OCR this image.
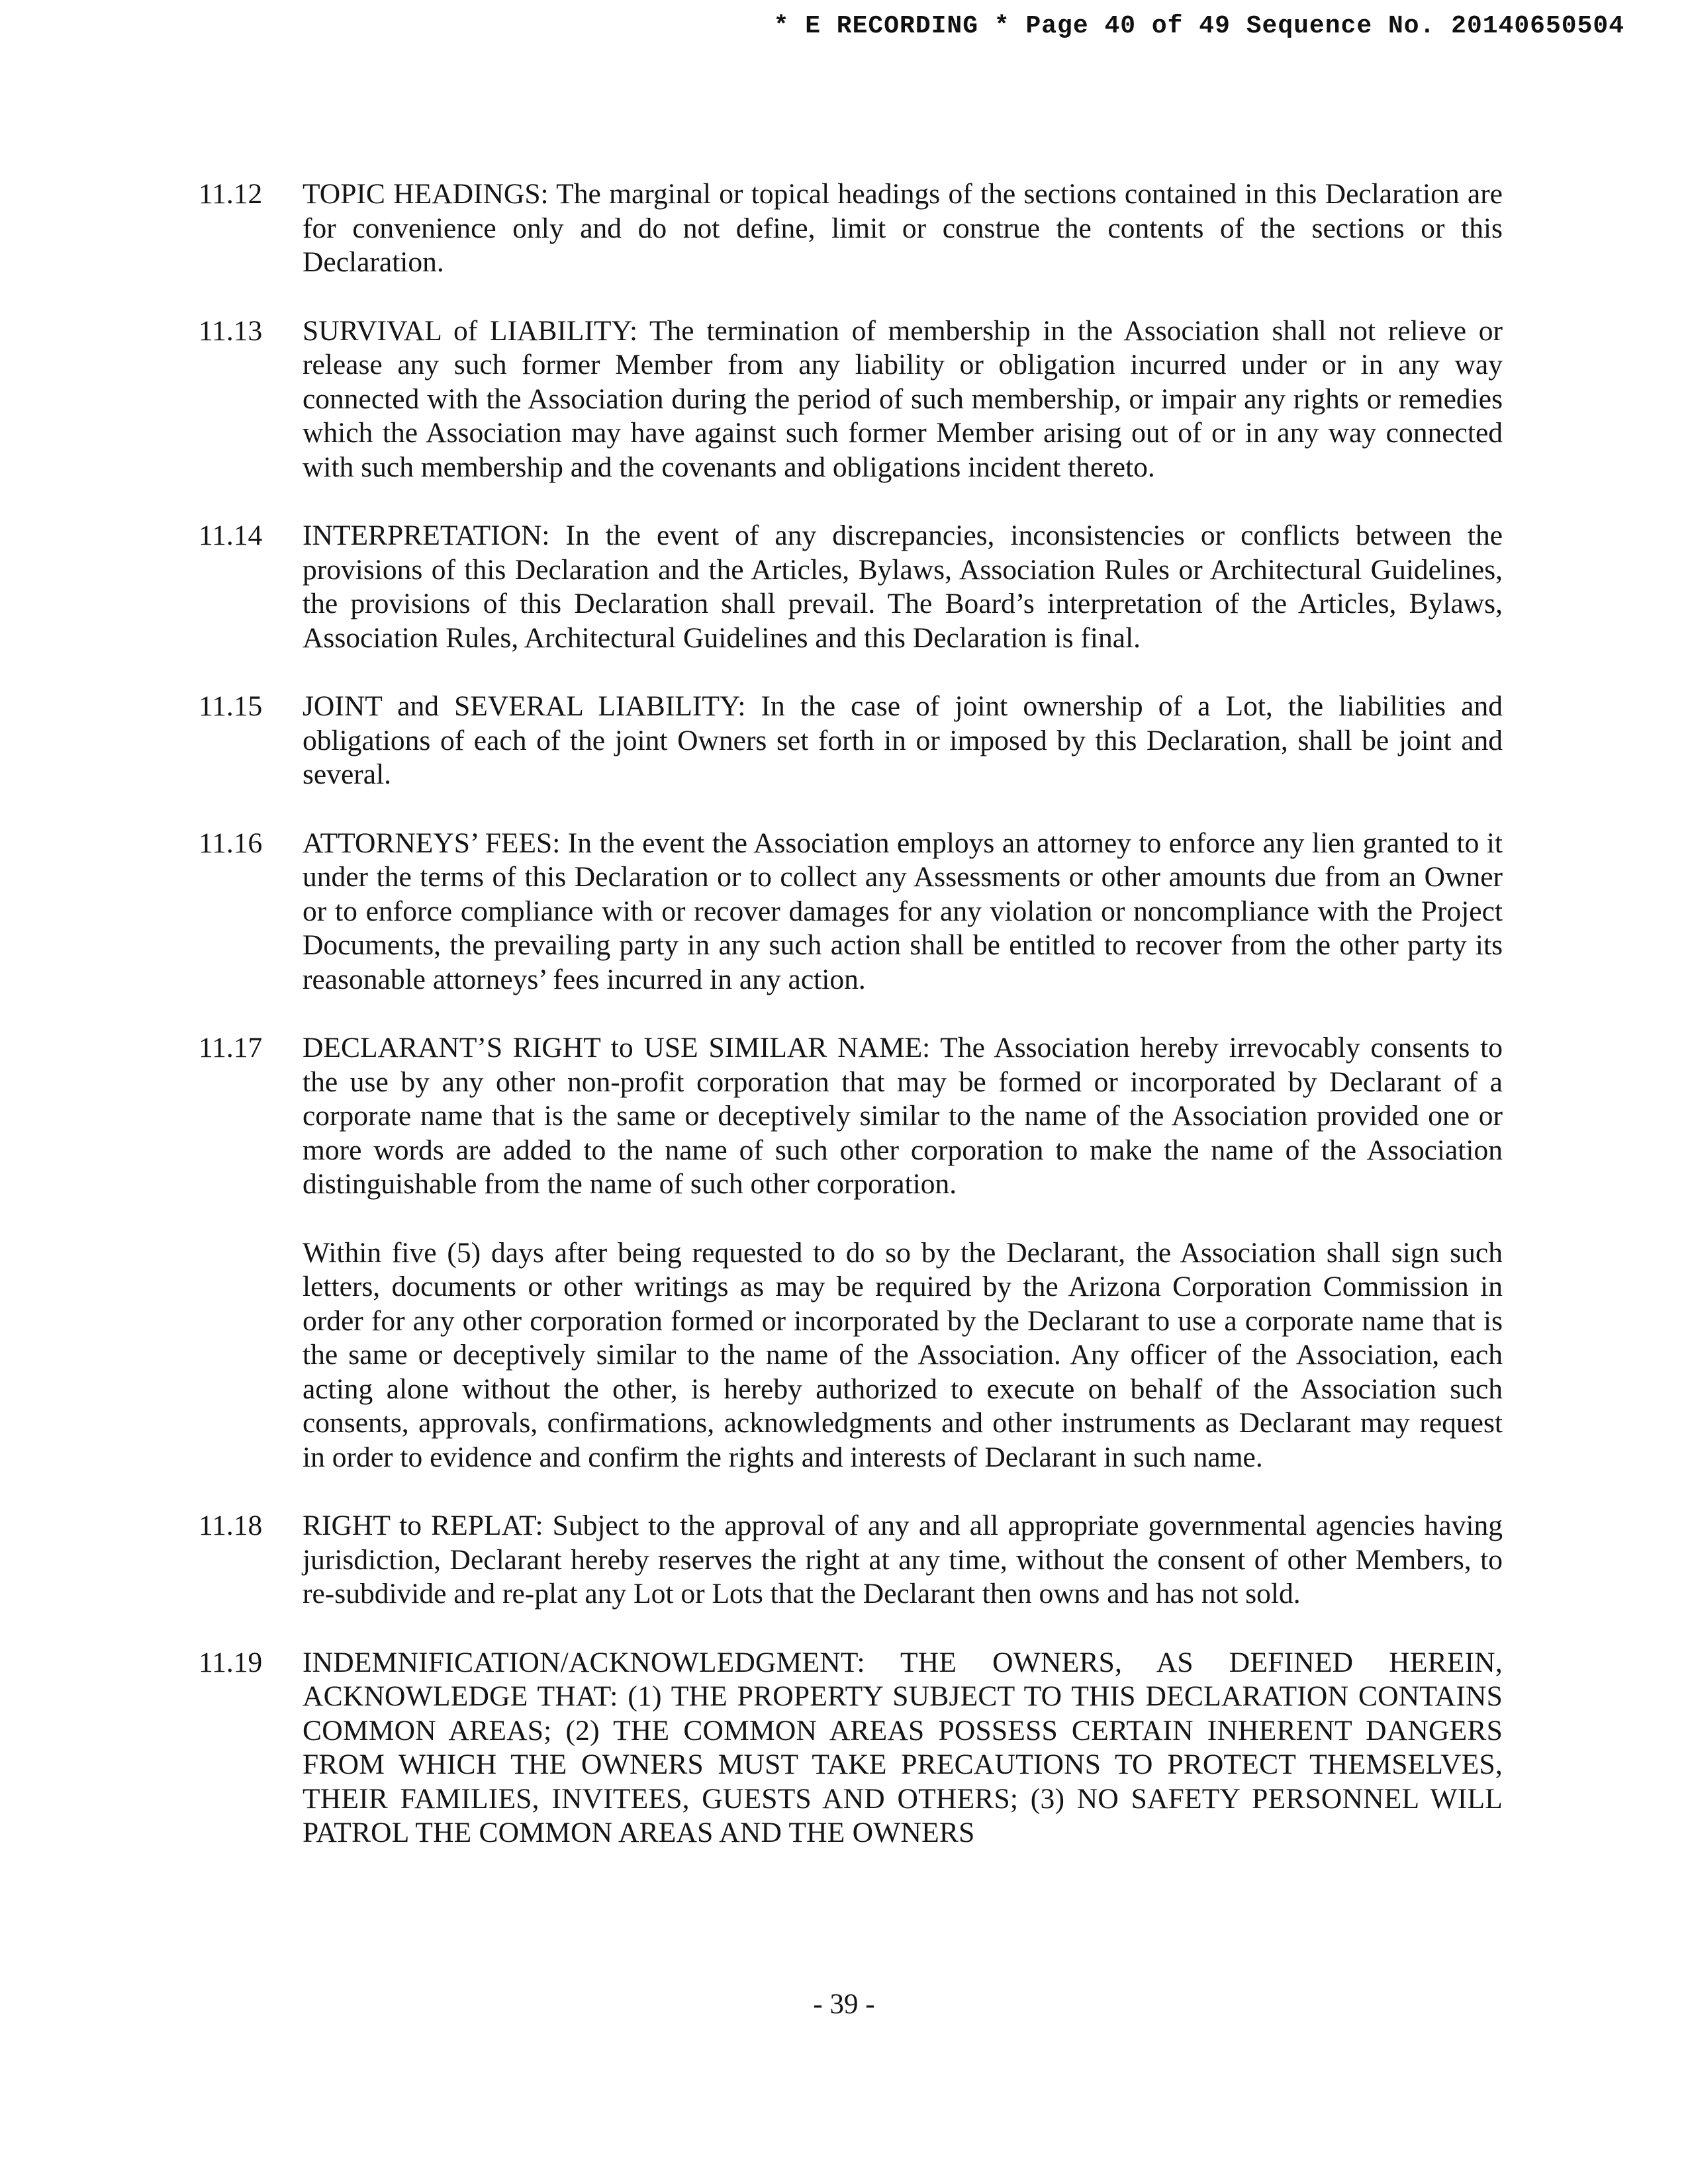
* E RECORDING * Page 40 of 49 Sequence No. 20140650504
11.12	TOPIC HEADINGS: The marginal or topical headings of the sections contained in this Declaration are for convenience only and do not define, limit or construe the contents of the sections or this Declaration.

11.13	SURVIVAL of LIABILITY: The termination of membership in the Association shall not relieve or release any such former Member from any liability or obligation incurred under or in any way connected with the Association during the period of such membership, or impair any rights or remedies which the Association may have against such former Member arising out of or in any way connected with such membership and the covenants and obligations incident thereto.

11.14	INTERPRETATION: In the event of any discrepancies, inconsistencies or conflicts between the provisions of this Declaration and the Articles, Bylaws, Association Rules or Architectural Guidelines, the provisions of this Declaration shall prevail. The Board’s interpretation of the Articles, Bylaws, Association Rules, Architectural Guidelines and this Declaration is final.

11.15	JOINT and SEVERAL LIABILITY: In the case of joint ownership of a Lot, the liabilities and obligations of each of the joint Owners set forth in or imposed by this Declaration, shall be joint and several.

11.16	ATTORNEYS’ FEES: In the event the Association employs an attorney to enforce any lien granted to it under the terms of this Declaration or to collect any Assessments or other amounts due from an Owner or to enforce compliance with or recover damages for any violation or noncompliance with the Project Documents, the prevailing party in any such action shall be entitled to recover from the other party its reasonable attorneys’ fees incurred in any action.

11.17	DECLARANT’S RIGHT to USE SIMILAR NAME: The Association hereby irrevocably consents to the use by any other non-profit corporation that may be formed or incorporated by Declarant of a corporate name that is the same or deceptively similar to the name of the Association provided one or more words are added to the name of such other corporation to make the name of the Association distinguishable from the name of such other corporation.

Within five (5) days after being requested to do so by the Declarant, the Association shall sign such letters, documents or other writings as may be required by the Arizona Corporation Commission in order for any other corporation formed or incorporated by the Declarant to use a corporate name that is the same or deceptively similar to the name of the Association. Any officer of the Association, each acting alone without the other, is hereby authorized to execute on behalf of the Association such consents, approvals, confirmations, acknowledgments and other instruments as Declarant may request in order to evidence and confirm the rights and interests of Declarant in such name.

11.18	RIGHT to REPLAT: Subject to the approval of any and all appropriate governmental agencies having jurisdiction, Declarant hereby reserves the right at any time, without the consent of other Members, to re-subdivide and re-plat any Lot or Lots that the Declarant then owns and has not sold.

11.19	INDEMNIFICATION/ACKNOWLEDGMENT: THE OWNERS, AS DEFINED HEREIN, ACKNOWLEDGE THAT: (1) THE PROPERTY SUBJECT TO THIS DECLARATION CONTAINS COMMON AREAS; (2) THE COMMON AREAS POSSESS CERTAIN INHERENT DANGERS FROM WHICH THE OWNERS MUST TAKE PRECAUTIONS TO PROTECT THEMSELVES, THEIR FAMILIES, INVITEES, GUESTS AND OTHERS; (3) NO SAFETY PERSONNEL WILL PATROL THE COMMON AREAS AND THE OWNERS

- 39 -
